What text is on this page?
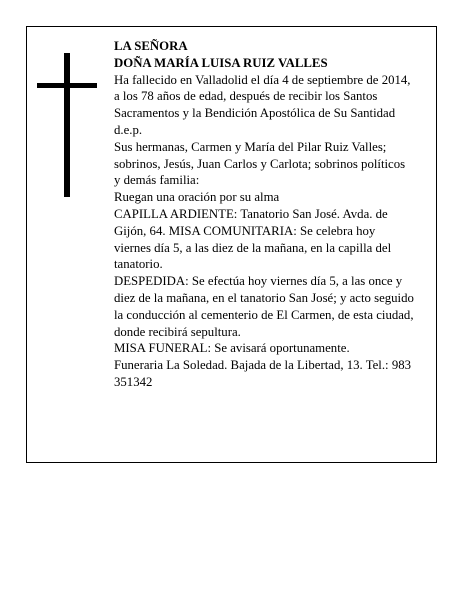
LA SEÑORA

DOÑA MARÍA LUISA RUIZ VALLES

Ha fallecido en Valladolid el día 4 de septiembre de 2014, a los 78 años de edad, después de recibir los Santos Sacramentos y la Bendición Apostólica de Su Santidad

d.e.p.

Sus hermanas, Carmen y María del Pilar Ruiz Valles; sobrinos, Jesús, Juan Carlos y Carlota; sobrinos políticos y demás familia:

Ruegan una oración por su alma

CAPILLA ARDIENTE: Tanatorio San José. Avda. de Gijón, 64. MISA COMUNITARIA: Se celebra hoy viernes día 5, a las diez de la mañana, en la capilla del tanatorio.

DESPEDIDA: Se efectúa hoy viernes día 5, a las once y diez de la mañana, en el tanatorio San José; y acto seguido la conducción al cementerio de El Carmen, de esta ciudad, donde recibirá sepultura.

MISA FUNERAL: Se avisará oportunamente.

Funeraria La Soledad. Bajada de la Libertad, 13. Tel.: 983 351342
